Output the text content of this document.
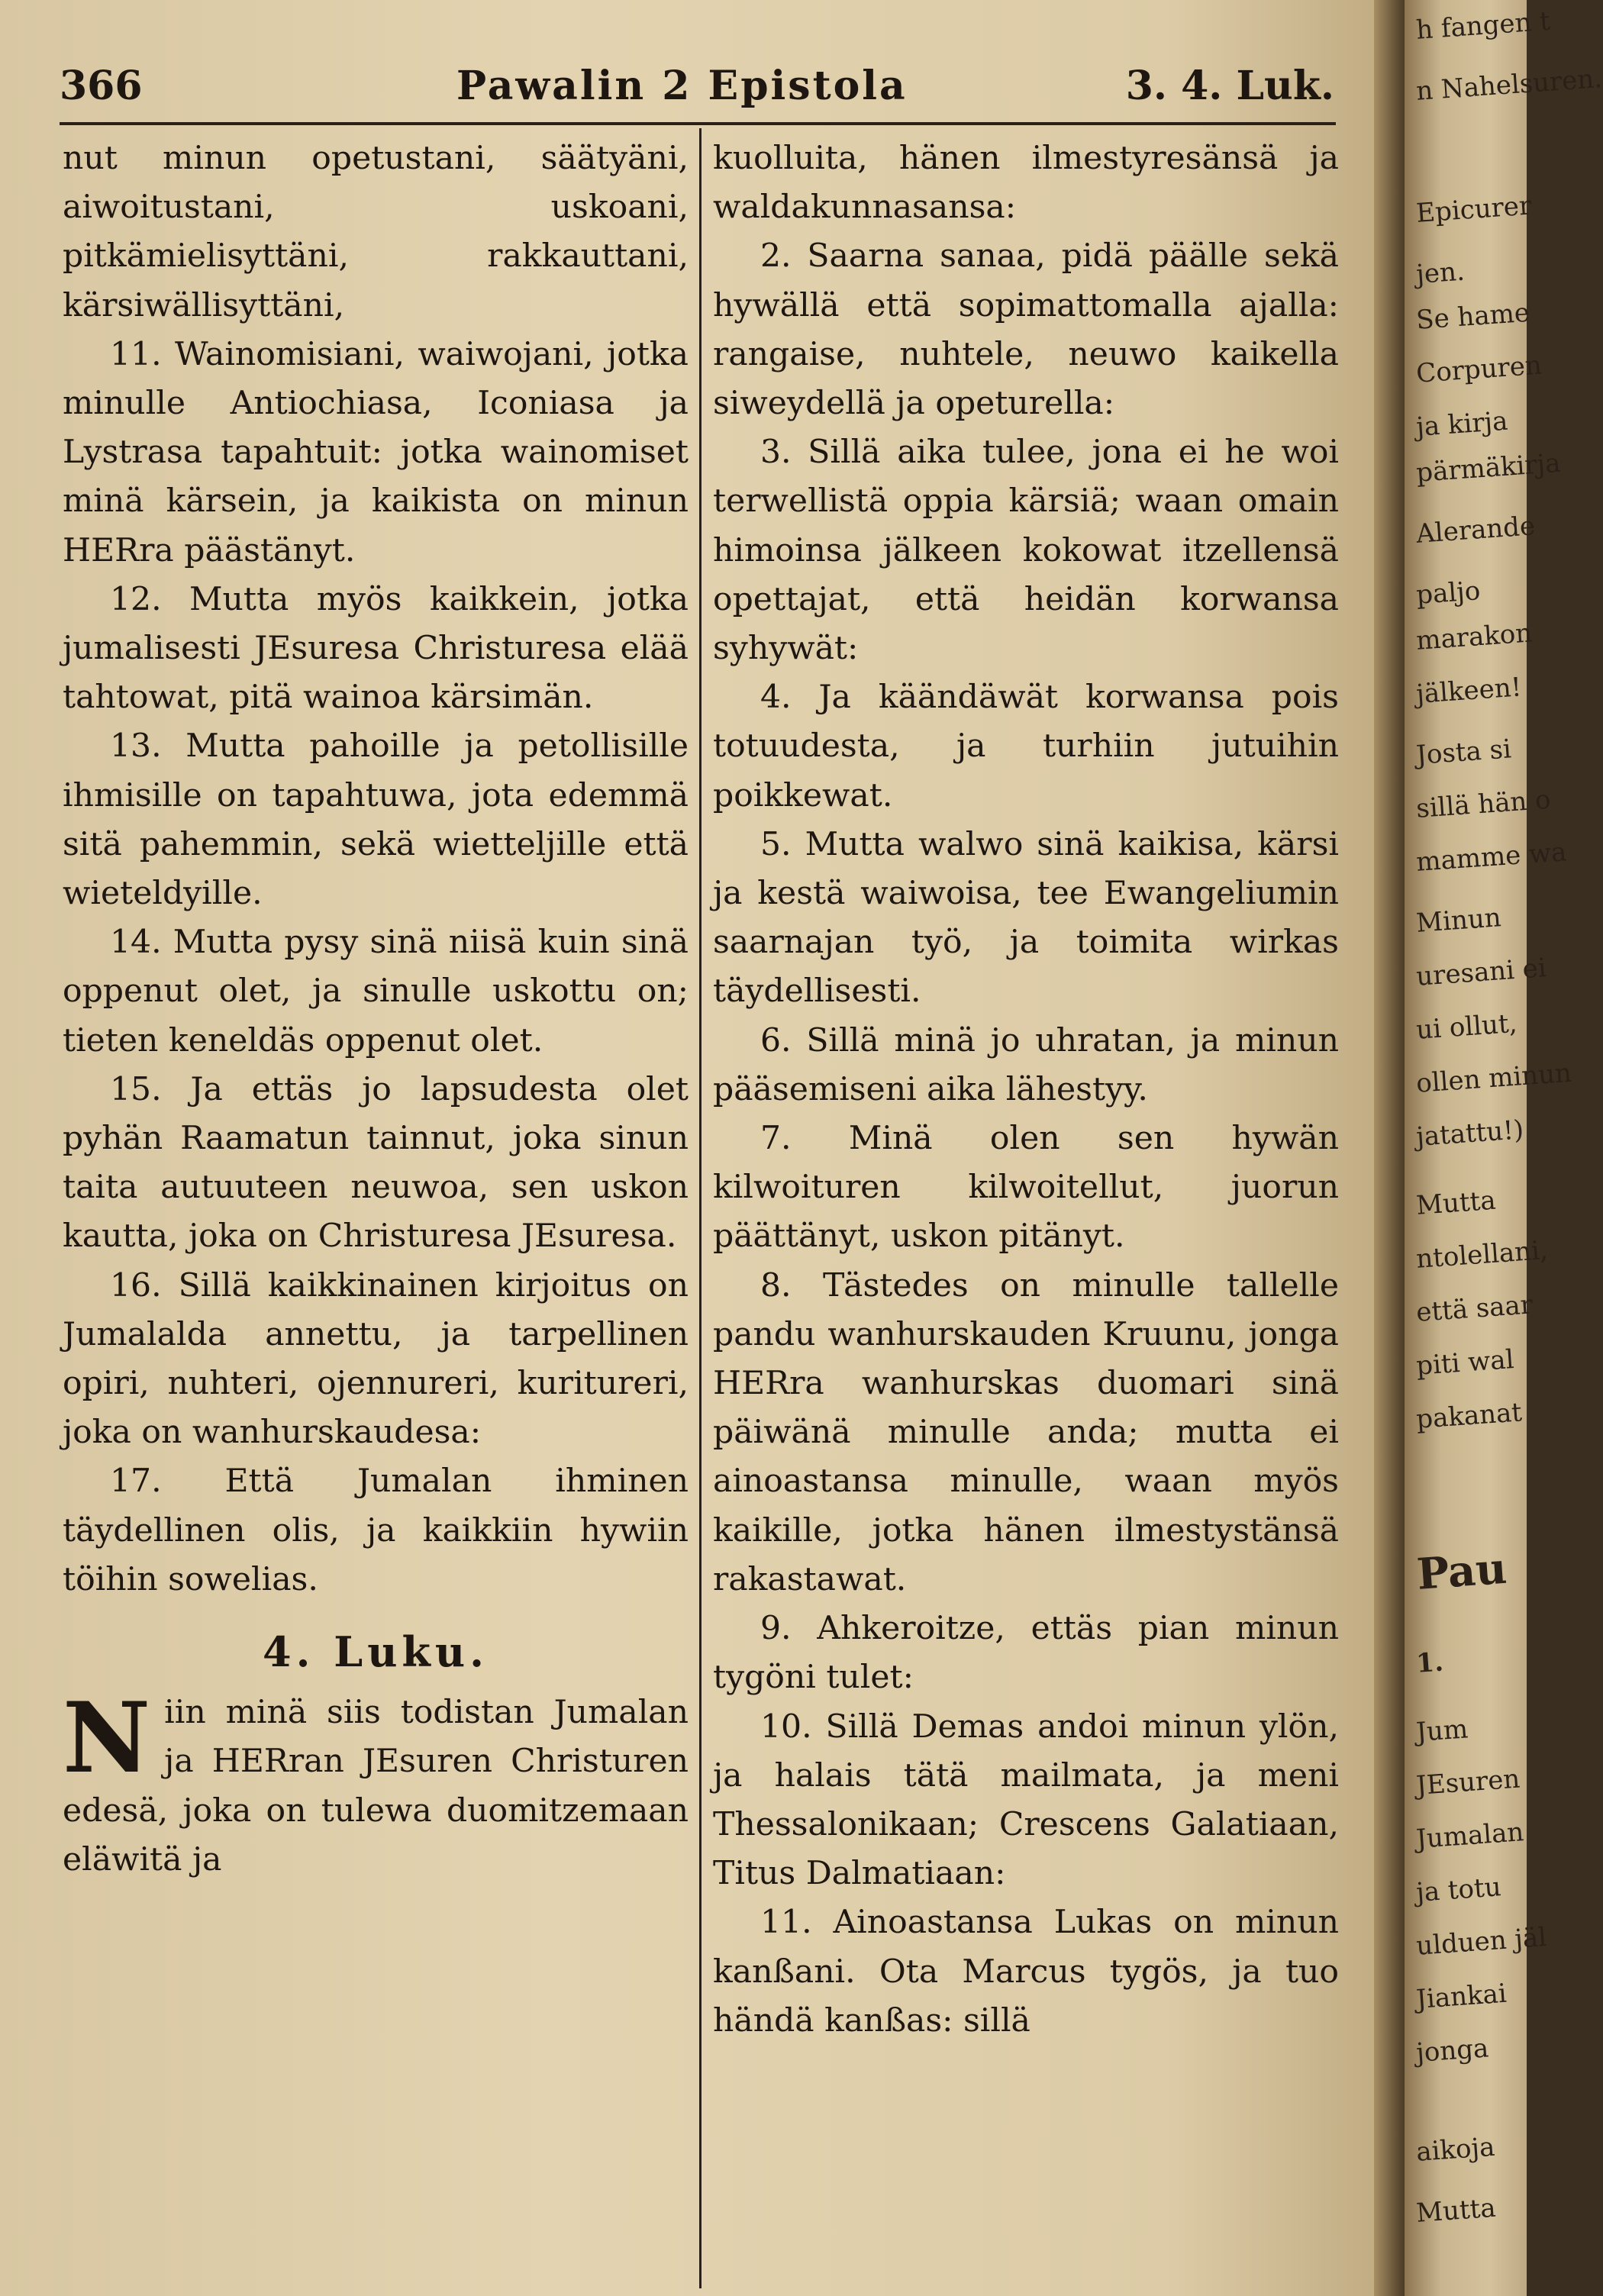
366	Pawalin 2 Epistola	3. 4. Luk.

nut minun opetustani, säätyäni, aiwoitustani, uskoani, pitkämielisyttäni, rakkauttani, kärsiwällisyttäni,

11. Wainomisiani, waiwojani, jotka minulle Antiochiasa, Iconiasa ja Lystrasa tapahtuit: jotka wainomiset minä kärsein, ja kaikista on minun HERra päästänyt.

12. Mutta myös kaikkein, jotka jumalisesti JEsuresa Christuresa elää tahtowat, pitä wainoa kärsimän.

13. Mutta pahoille ja petollisille ihmisille on tapahtuwa, jota edemmä sitä pahemmin, sekä wietteljille että wieteldyille.

14. Mutta pysy sinä niisä kuin sinä oppenut olet, ja sinulle uskottu on; tieten keneldäs oppenut olet.

15. Ja ettäs jo lapsudesta olet pyhän Raamatun tainnut, joka sinun taita autuuteen neuwoa, sen uskon kautta, joka on Christuresa JEsuresa.

16. Sillä kaikkinainen kirjoitus on Jumalalda annettu, ja tarpellinen opiri, nuhteri, ojennureri, kuritureri, joka on wanhurskaudesa:

17. Että Jumalan ihminen täydellinen olis, ja kaikkiin hywiin töihin sowelias.

4. Luku.
N iin minä siis todistan Jumalan ja HERran JEsuren Christuren edesä, joka on tulewa duomitzemaan eläwitä ja

kuolluita, hänen ilmestyresänsä ja waldakunnasansa:

2. Saarna sanaa, pidä päälle sekä hywällä että sopimattomalla ajalla: rangaise, nuhtele, neuwo kaikella siweydellä ja opeturella:

3. Sillä aika tulee, jona ei he woi terwellistä oppia kärsiä; waan omain himoinsa jälkeen kokowat itzellensä opettajat, että heidän korwansa syhywät:

4. Ja käändäwät korwansa pois totuudesta, ja turhiin jutuihin poikkewat.

5. Mutta walwo sinä kaikisa, kärsi ja kestä waiwoisa, tee Ewangeliumin saarnajan työ, ja toimita wirkas täydellisesti.

6. Sillä minä jo uhratan, ja minun pääsemiseni aika lähestyy.

7. Minä olen sen hywän kilwoituren kilwoitellut, juorun päättänyt, uskon pitänyt.

8. Tästedes on minulle tallelle pandu wanhurskauden Kruunu, jonga HERra wanhurskas duomari sinä päiwänä minulle anda; mutta ei ainoastansa minulle, waan myös kaikille, jotka hänen ilmestystänsä rakastawat.

9. Ahkeroitze, ettäs pian minun tygöni tulet:

10. Sillä Demas andoi minun ylön, ja halais tätä mailmata, ja meni Thessalonikaan; Crescens Galatiaan, Titus Dalmatiaan:

11. Ainoastansa Lukas on minun kanßani. Ota Marcus tygös, ja tuo händä kanßas: sillä

h fangen t
n Nahelsuren.
Epicurer
jen.
Se hame
Corpuren
ja kirja
pärmäkirja
Alerande
paljo
marakon
jälkeen!
Josta si
sillä hän o
mamme wa
Minun
uresani ei
ui ollut,
ollen minun
jatattu!)
Mutta
ntolellani,
että saar
piti wal
pakanat
Pau
1.
Jum
JEsuren
Jumalan
ja totu
ulduen jäl
Jiankai
jonga
aikoja
Mutta
